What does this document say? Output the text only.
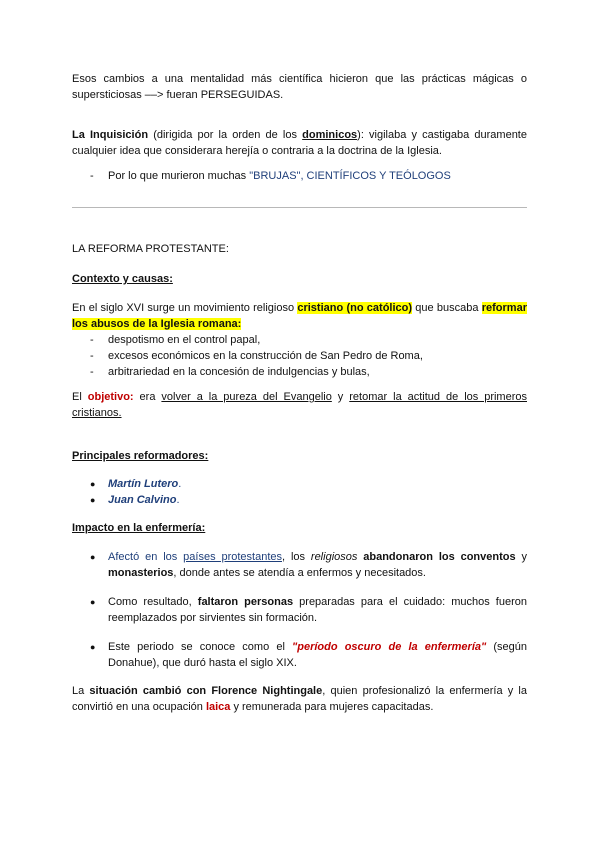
Esos cambios a una mentalidad más científica hicieron que las prácticas mágicas o
supersticiosas ––> fueran PERSEGUIDAS.
La Inquisición (dirigida por la orden de los dominicos): vigilaba y castigaba duramente cualquier idea que considerara herejía o contraria a la doctrina de la Iglesia.
- Por lo que murieron muchas "BRUJAS", CIENTÍFICOS Y TEÓLOGOS
LA REFORMA PROTESTANTE:
Contexto y causas:
En el siglo XVI surge un movimiento religioso cristiano (no católico) que buscaba reformar los abusos de la Iglesia romana:
- despotismo en el control papal,
- excesos económicos en la construcción de San Pedro de Roma,
- arbitrariedad en la concesión de indulgencias y bulas,
El objetivo: era volver a la pureza del Evangelio y retomar la actitud de los primeros cristianos.
Principales reformadores:
● Martín Lutero.
● Juan Calvino.
Impacto en la enfermería:
● Afectó en los países protestantes, los religiosos abandonaron los conventos y monasterios, donde antes se atendía a enfermos y necesitados.
● Como resultado, faltaron personas preparadas para el cuidado: muchos fueron reemplazados por sirvientes sin formación.
● Este periodo se conoce como el "período oscuro de la enfermería" (según Donahue), que duró hasta el siglo XIX.
La situación cambió con Florence Nightingale, quien profesionalizó la enfermería y la convirtió en una ocupación laica y remunerada para mujeres capacitadas.
